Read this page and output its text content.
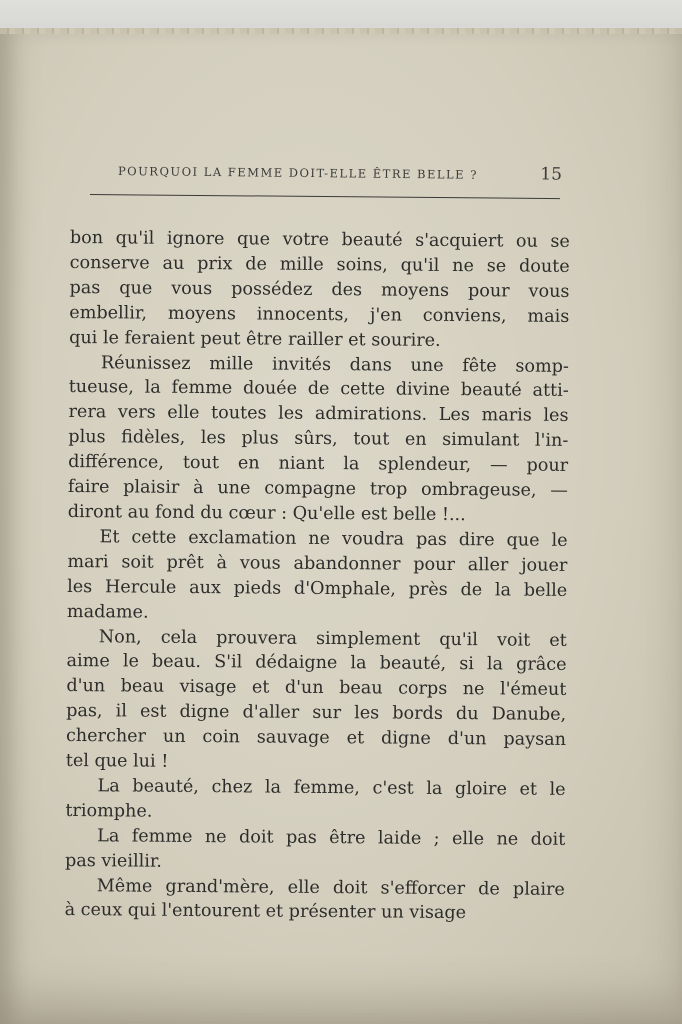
POURQUOI LA FEMME DOIT-ELLE ÊTRE BELLE ?	15
bon qu'il ignore que votre beauté s'acquiert ou se
conserve au prix de mille soins, qu'il ne se doute
pas que vous possédez des moyens pour vous
embellir, moyens innocents, j'en conviens, mais
qui le feraient peut être railler et sourire.
Réunissez mille invités dans une fête somp-
tueuse, la femme douée de cette divine beauté atti-
rera vers elle toutes les admirations. Les maris les
plus fidèles, les plus sûrs, tout en simulant l'in-
différence, tout en niant la splendeur, — pour
faire plaisir à une compagne trop ombrageuse, —
diront au fond du cœur : Qu'elle est belle !...
Et cette exclamation ne voudra pas dire que le
mari soit prêt à vous abandonner pour aller jouer
les Hercule aux pieds d'Omphale, près de la belle
madame.
Non, cela prouvera simplement qu'il voit et
aime le beau. S'il dédaigne la beauté, si la grâce
d'un beau visage et d'un beau corps ne l'émeut
pas, il est digne d'aller sur les bords du Danube,
chercher un coin sauvage et digne d'un paysan
tel que lui !
La beauté, chez la femme, c'est la gloire et le
triomphe.
La femme ne doit pas être laide ; elle ne doit
pas vieillir.
Même grand'mère, elle doit s'efforcer de plaire
à ceux qui l'entourent et présenter un visage
